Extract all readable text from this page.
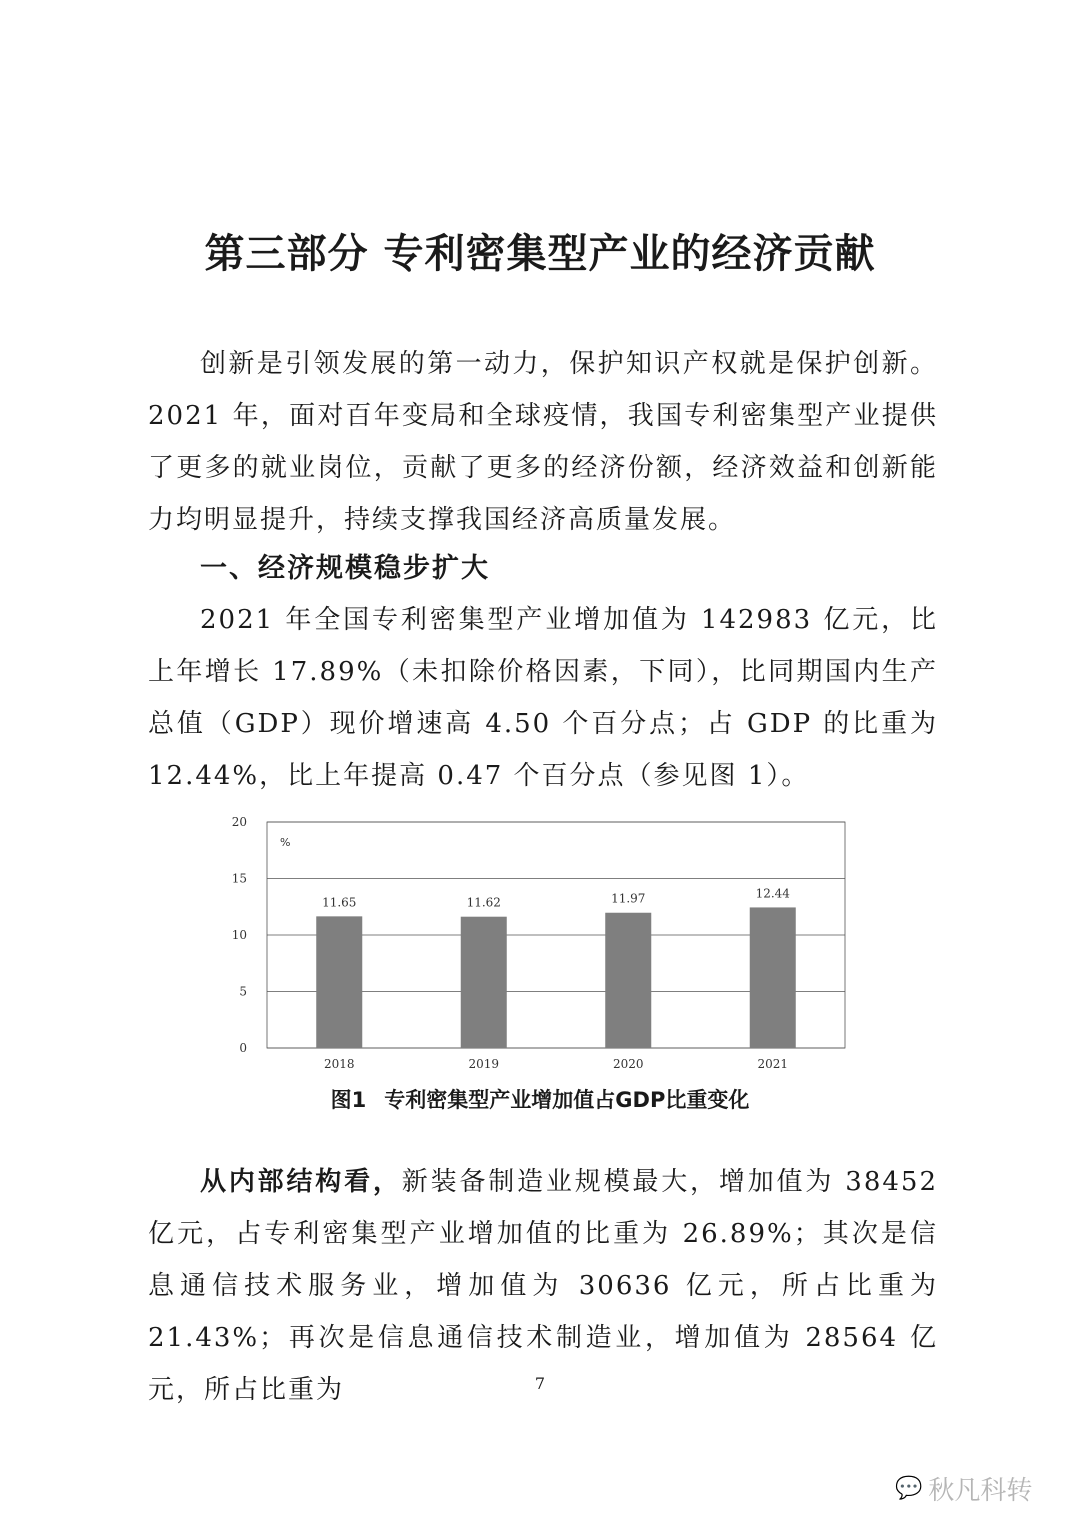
第三部分 专利密集型产业的经济贡献

创新是引领发展的第一动力，保护知识产权就是保护创新。2021 年，面对百年变局和全球疫情，我国专利密集型产业提供了更多的就业岗位，贡献了更多的经济份额，经济效益和创新能力均明显提升，持续支撑我国经济高质量发展。

一、经济规模稳步扩大

2021 年全国专利密集型产业增加值为 142983 亿元，比上年增长 17.89%（未扣除价格因素，下同），比同期国内生产总值（GDP）现价增速高 4.50 个百分点；占 GDP 的比重为 12.44%，比上年提高 0.47 个百分点（参见图 1）。

0
5
10
15
20
%
11.65
2018
11.62
2019
11.97
2020
12.44
2021
图1 专利密集型产业增加值占GDP比重变化

从内部结构看，新装备制造业规模最大，增加值为 38452 亿元，占专利密集型产业增加值的比重为 26.89%；其次是信息通信技术服务业，增加值为 30636 亿元，所占比重为 21.43%；再次是信息通信技术制造业，增加值为 28564 亿元，所占比重为	7
💬 秋凡科转
